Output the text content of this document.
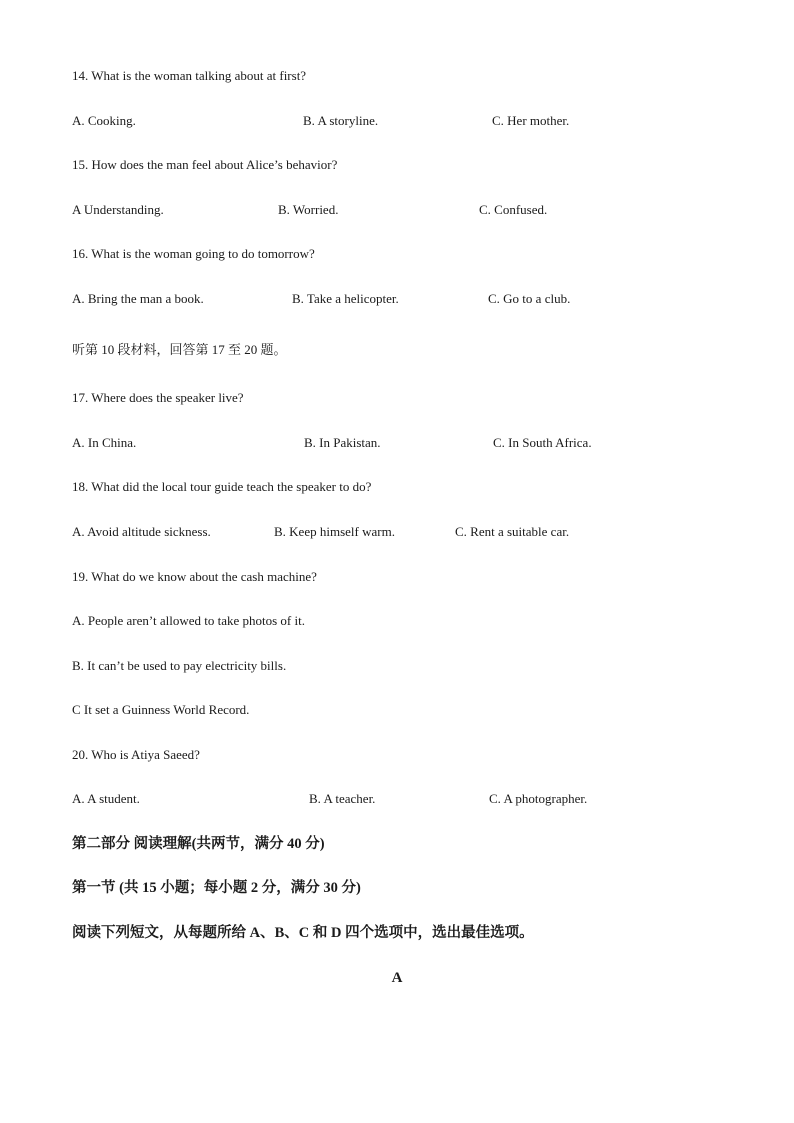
14. What is the woman talking about at first?
A. Cooking.	B. A storyline.	C. Her mother.
15. How does the man feel about Alice’s behavior?
A Understanding.	B. Worried.	C. Confused.
16. What is the woman going to do tomorrow?
A. Bring the man a book.	B. Take a helicopter.	C. Go to a club.
听第 10 段材料，回答第 17 至 20 题。
17. Where does the speaker live?
A. In China.	B. In Pakistan.	C. In South Africa.
18. What did the local tour guide teach the speaker to do?
A. Avoid altitude sickness.	B. Keep himself warm.	C. Rent a suitable car.
19. What do we know about the cash machine?
A. People aren’t allowed to take photos of it.
B. It can’t be used to pay electricity bills.
C It set a Guinness World Record.
20. Who is Atiya Saeed?
A. A student.	B. A teacher.	C. A photographer.
第二部分 阅读理解(共两节，满分 40 分)
第一节 (共 15 小题；每小题 2 分，满分 30 分)
阅读下列短文，从每题所给 A、B、C 和 D 四个选项中，选出最佳选项。
A
